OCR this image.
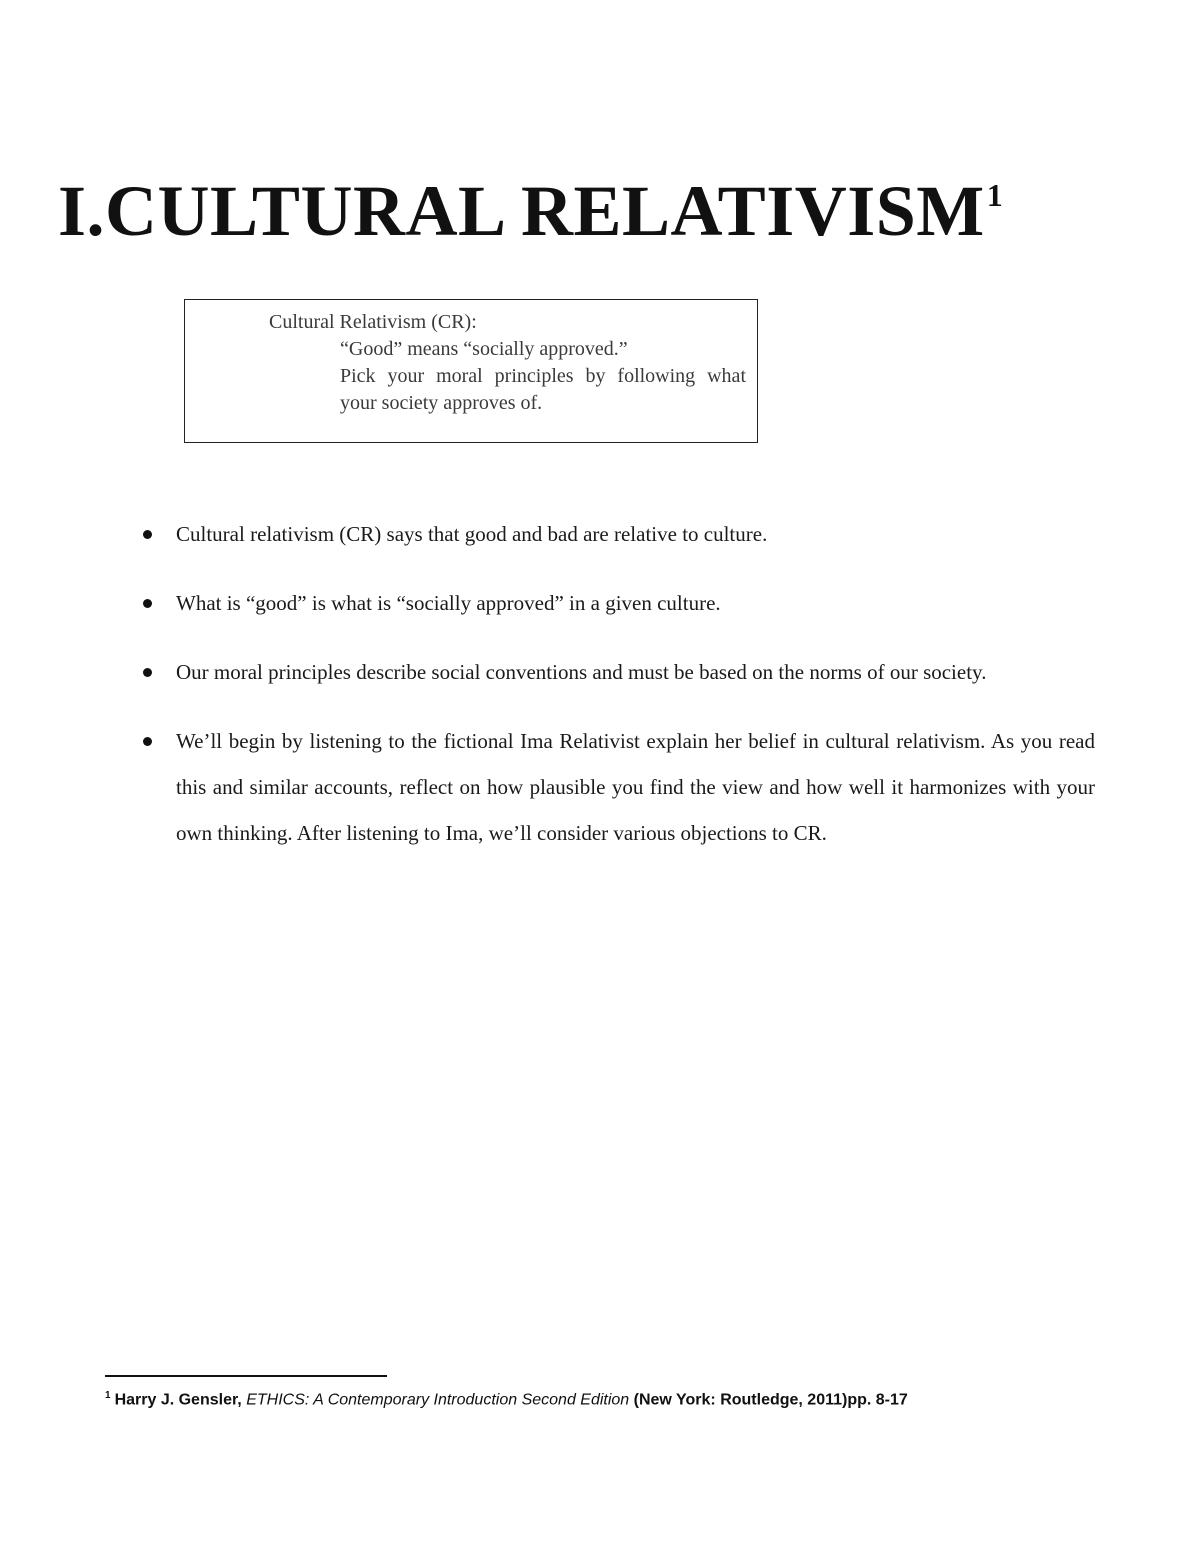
I.CULTURAL RELATIVISM$^1$
Cultural Relativism (CR):
“Good” means “socially approved.”
Pick your moral principles by following what
your society approves of.
Cultural relativism (CR) says that good and bad are relative to culture.
What is “good” is what is “socially approved” in a given culture.
Our moral principles describe social conventions and must be based on the norms of our society.
We’ll begin by listening to the fictional Ima Relativist explain her belief in cultural relativism. As you read this and similar accounts, reflect on how plausible you find the view and how well it harmonizes with your own thinking. After listening to Ima, we’ll consider various objections to CR.
$^1$ Harry J. Gensler, ETHICS: A Contemporary Introduction Second Edition (New York: Routledge, 2011)pp. 8-17
